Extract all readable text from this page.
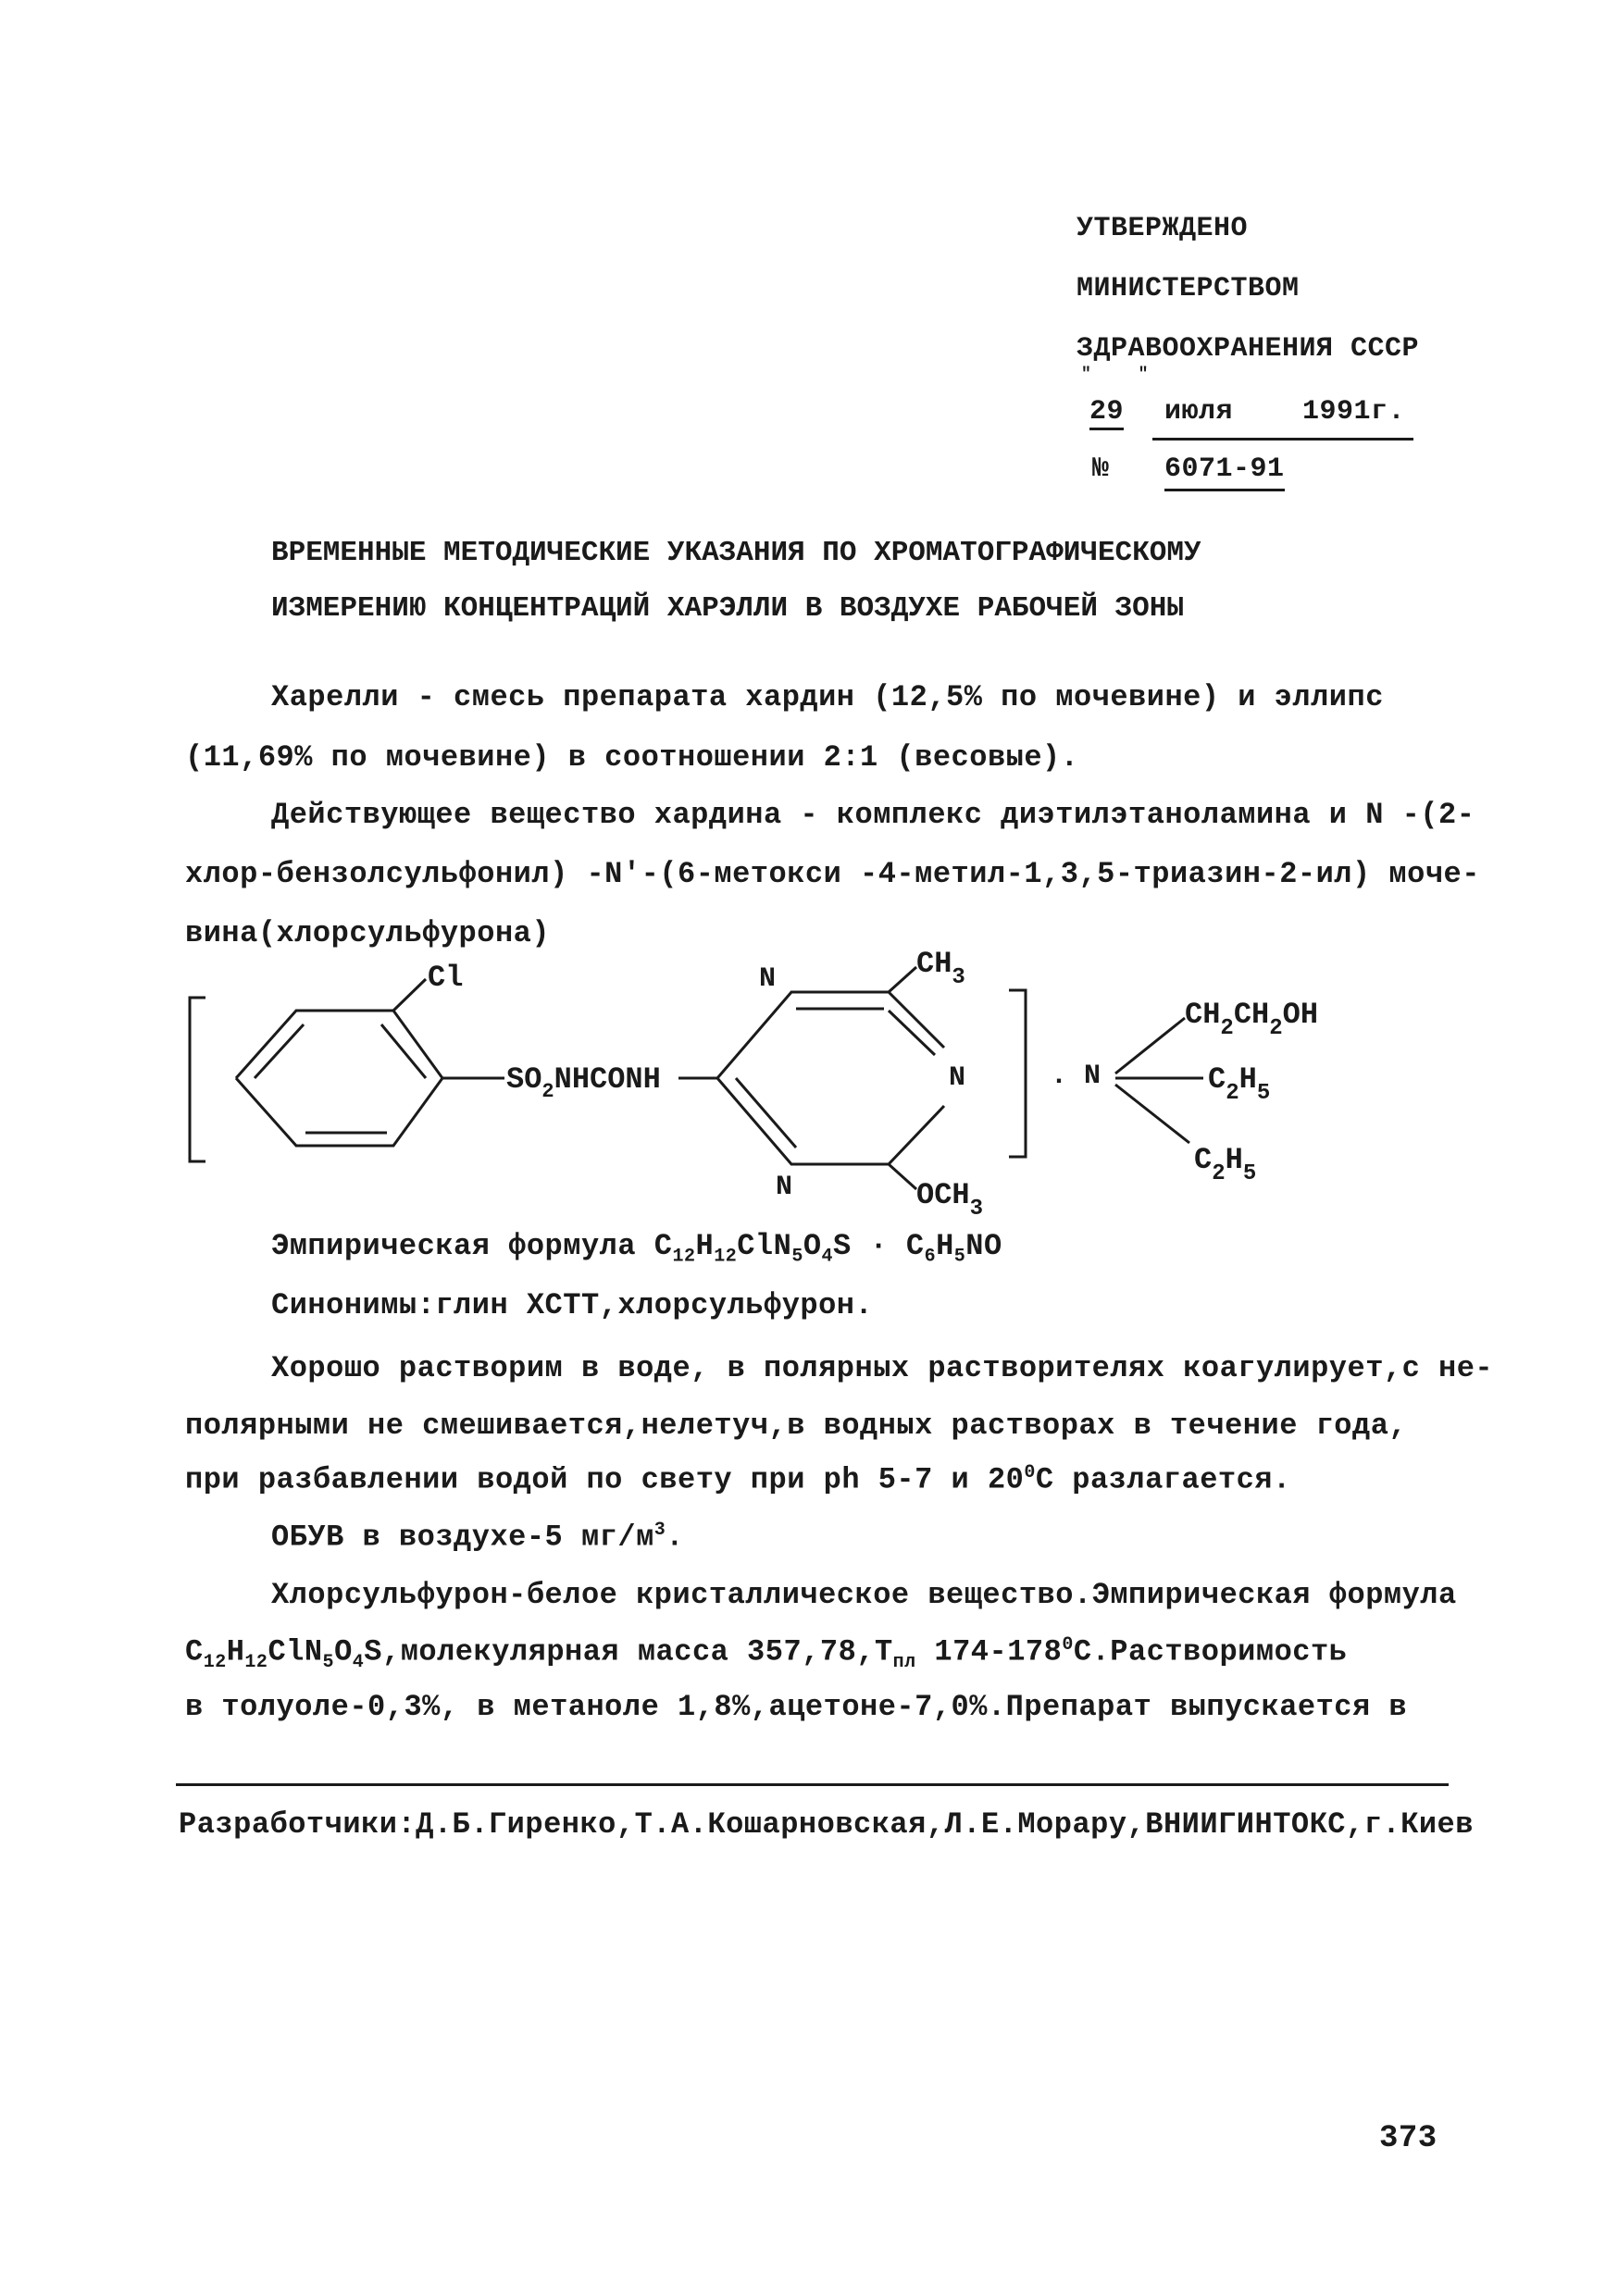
УТВЕРЖДЕНО
МИНИСТЕРСТВОМ
ЗДРАВООХРАНЕНИЯ СССР
" "
29 июля 1991г.
№ 6071-91
ВРЕМЕННЫЕ МЕТОДИЧЕСКИЕ УКАЗАНИЯ ПО ХРОМАТОГРАФИЧЕСКОМУ
ИЗМЕРЕНИЮ КОНЦЕНТРАЦИЙ ХАРЭЛЛИ В ВОЗДУХЕ РАБОЧЕЙ ЗОНЫ
Харелли - смесь препарата хардин (12,5% по мочевине) и эллипс
(11,69% по мочевине) в соотношении 2:1 (весовые).
Действующее вещество хардина - комплекс диэтилэтаноламина и N -(2-
хлор-бензолсульфонил) -N'-(6-метокси -4-метил-1,3,5-триазин-2-ил) моче-
вина(хлорсульфурона)
Cl
$SO_2NHCONH$
N
N
N
$CH_3$
$OCH_3$
. N
$CH_2CH_2OH$
$C_2H_5$
$C_2H_5$
Эмпирическая формула $C_{12}H_{12}ClN_5O_4S \cdot C_6H_5NO$
Синонимы:глин ХСТТ,хлорсульфурон.
Хорошо растворим в воде, в полярных растворителях коагулирует,с не-
полярными не смешивается,нелетуч,в водных растворах в течение года,
при разбавлении водой по свету при ph 5-7 и $20^0С$ разлагается.
ОБУВ в воздухе-5 $мг/м^3$.
Хлорсульфурон-белое кристаллическое вещество.Эмпирическая формула
$C_{12}H_{12}ClN_5O_4S,молекулярная$ масса $357,78,Т_{пл}$ $174-178^0С.Растворимость$
в толуоле-0,3%, в метаноле 1,8%,ацетоне-7,0%.Препарат выпускается в
Разработчики:Д.Б.Гиренко,Т.А.Кошарновская,Л.Е.Морару,ВНИИГИНТОКС,г.Киев
373
